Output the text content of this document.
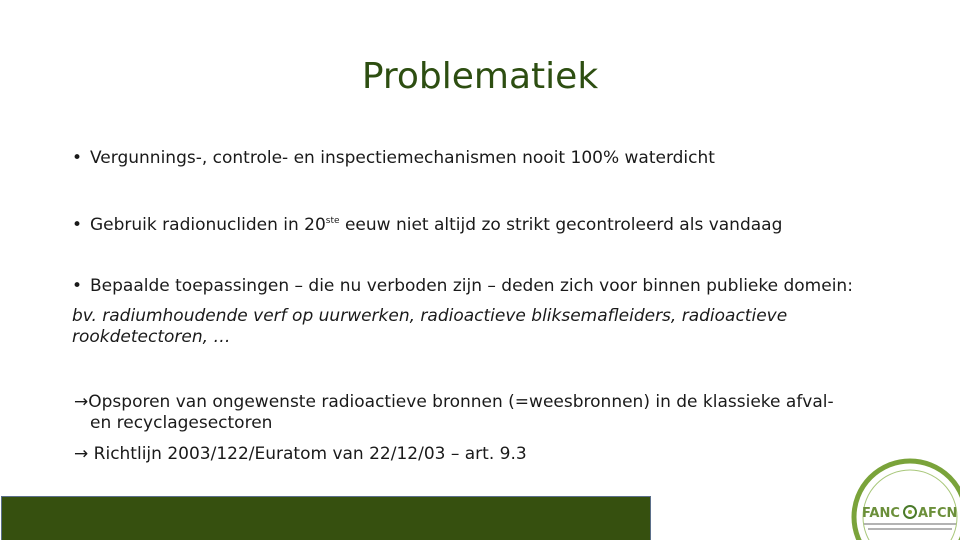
Problematiek
• Vergunnings-, controle- en inspectiemechanismen nooit 100% waterdicht
• Gebruik radionucliden in 20ste eeuw niet altijd zo strikt gecontroleerd als vandaag
• Bepaalde toepassingen – die nu verboden zijn – deden zich voor binnen publieke domein:
bv. radiumhoudende verf op uurwerken, radioactieve bliksemafleiders, radioactieve rookdetectoren, …
→Opsporen van ongewenste radioactieve bronnen (=weesbronnen) in de klassieke afval-
en recyclagesectoren
→ Richtlijn 2003/122/Euratom van 22/12/03 – art. 9.3
FANC AFCN
